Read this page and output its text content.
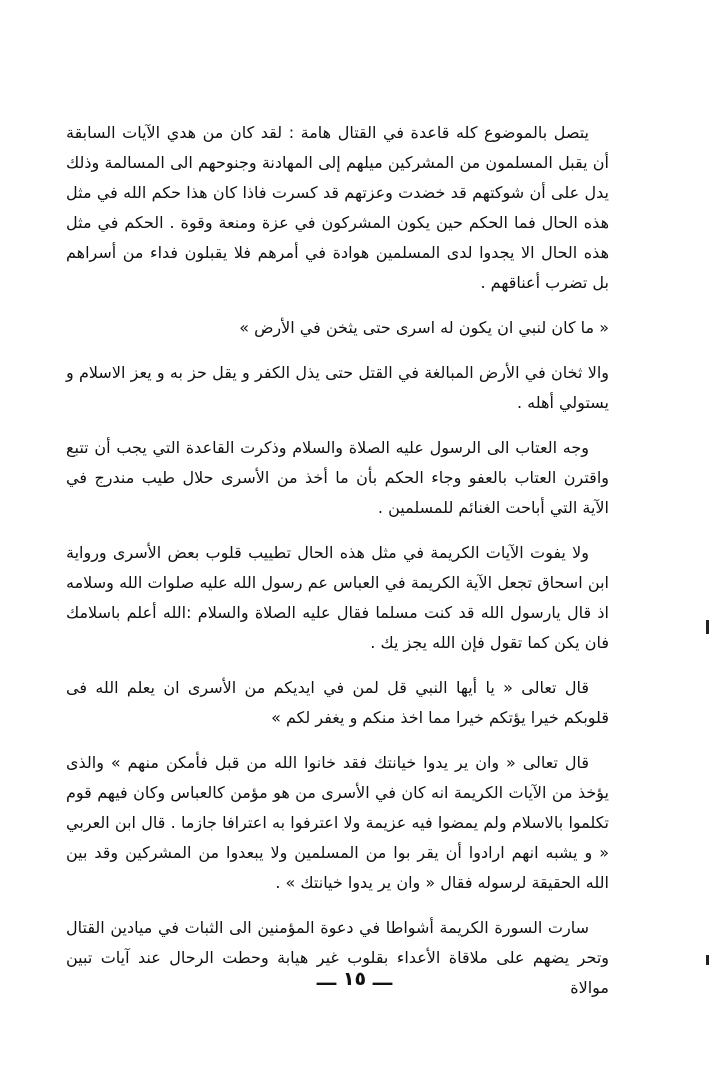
يتصل بالموضوع كله قاعدة في القتال هامة : لقد كان من هدي الآيات السابقة أن يقبل المسلمون من المشركين ميلهم إلى المهادنة وجنوحهم الى المسالمة وذلك يدل على أن شوكتهم قد خضدت وعزتهم قد كسرت فاذا كان هذا حكم الله في مثل هذه الحال فما الحكم حين يكون المشركون في عزة ومنعة وقوة . الحكم في مثل هذه الحال الا يجدوا لدى المسلمين هوادة في أمرهم فلا يقبلون فداء من أسراهم بل تضرب أعناقهم .

« ما كان لنبي ان يكون له اسرى حتى يثخن في الأرض »

والا ثخان في الأرض المبالغة في القتل حتى يذل الكفر و يقل حز به و يعز الاسلام و يستولي أهله .

وجه العتاب الى الرسول عليه الصلاة والسلام وذكرت القاعدة التي يجب أن تتبع واقترن العتاب بالعفو وجاء الحكم بأن ما أخذ من الأسرى حلال طيب مندرج في الآية التي أباحت الغنائم للمسلمين .

ولا يفوت الآيات الكريمة في مثل هذه الحال تطييب قلوب بعض الأسرى ورواية ابن اسحاق تجعل الآية الكريمة في العباس عم رسول الله عليه صلوات الله وسلامه اذ قال يارسول الله قد كنت مسلما فقال عليه الصلاة والسلام :الله أعلم باسلامك فان يكن كما تقول فإن الله يجز يك .

قال تعالى « يا أيها النبي قل لمن في ايديكم من الأسرى ان يعلم الله فى قلوبكم خيرا يؤتكم خيرا مما اخذ منكم و يغفر لكم »

قال تعالى « وان ير يدوا خيانتك فقد خانوا الله من قبل فأمكن منهم » والذى يؤخذ من الآيات الكريمة انه كان في الأسرى من هو مؤمن كالعباس وكان فيهم قوم تكلموا بالاسلام ولم يمضوا فيه عزيمة ولا اعترفوا به اعترافا جازما . قال ابن العربي « و يشبه انهم ارادوا أن يقر بوا من المسلمين ولا يبعدوا من المشركين وقد بين الله الحقيقة لرسوله فقال « وان ير يدوا خيانتك » .

سارت السورة الكريمة أشواطا في دعوة المؤمنين الى الثبات في ميادين القتال وتحر يضهم على ملاقاة الأعداء بقلوب غير هيابة وحطت الرحال عند آيات تبين موالاة

ـــ ١٥ ـــ
